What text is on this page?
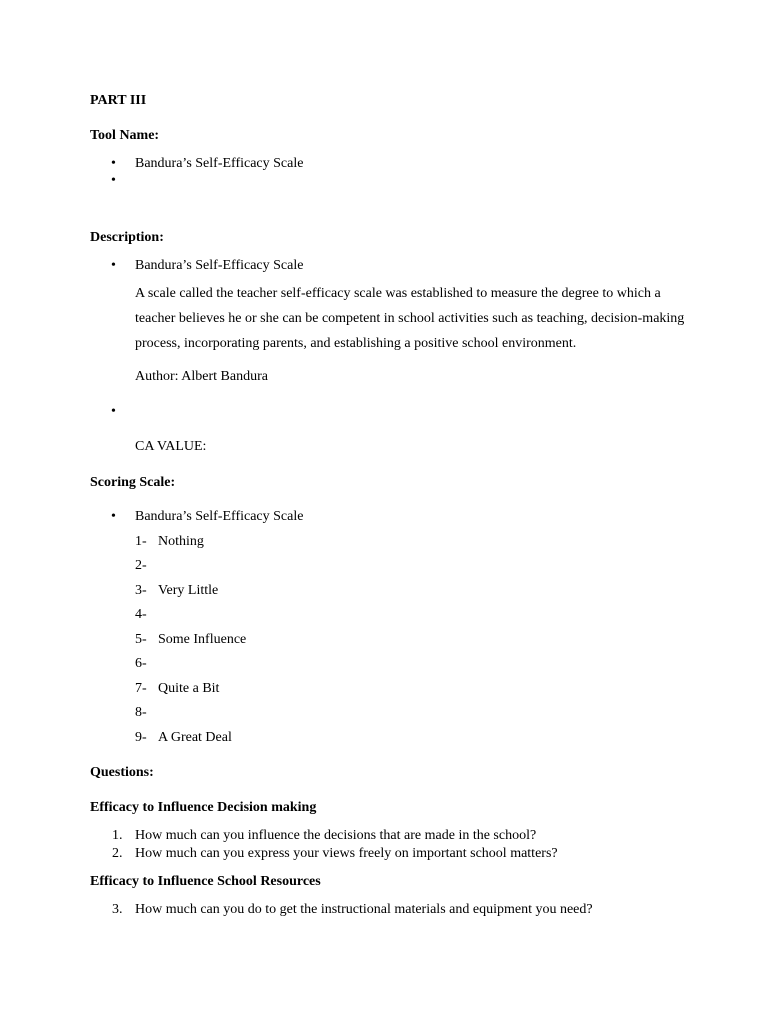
PART III
Tool Name:
• Bandura’s Self-Efficacy Scale
•
Description:
• Bandura’s Self-Efficacy Scale
A scale called the teacher self-efficacy scale was established to measure the degree to which a teacher believes he or she can be competent in school activities such as teaching, decision-making process, incorporating parents, and establishing a positive school environment.
Author: Albert Bandura
•
CA VALUE:
Scoring Scale:
• Bandura’s Self-Efficacy Scale
1- Nothing
2-
3- Very Little
4-
5- Some Influence
6-
7- Quite a Bit
8-
9- A Great Deal
Questions:
Efficacy to Influence Decision making
1. How much can you influence the decisions that are made in the school?
2. How much can you express your views freely on important school matters?
Efficacy to Influence School Resources
3. How much can you do to get the instructional materials and equipment you need?
